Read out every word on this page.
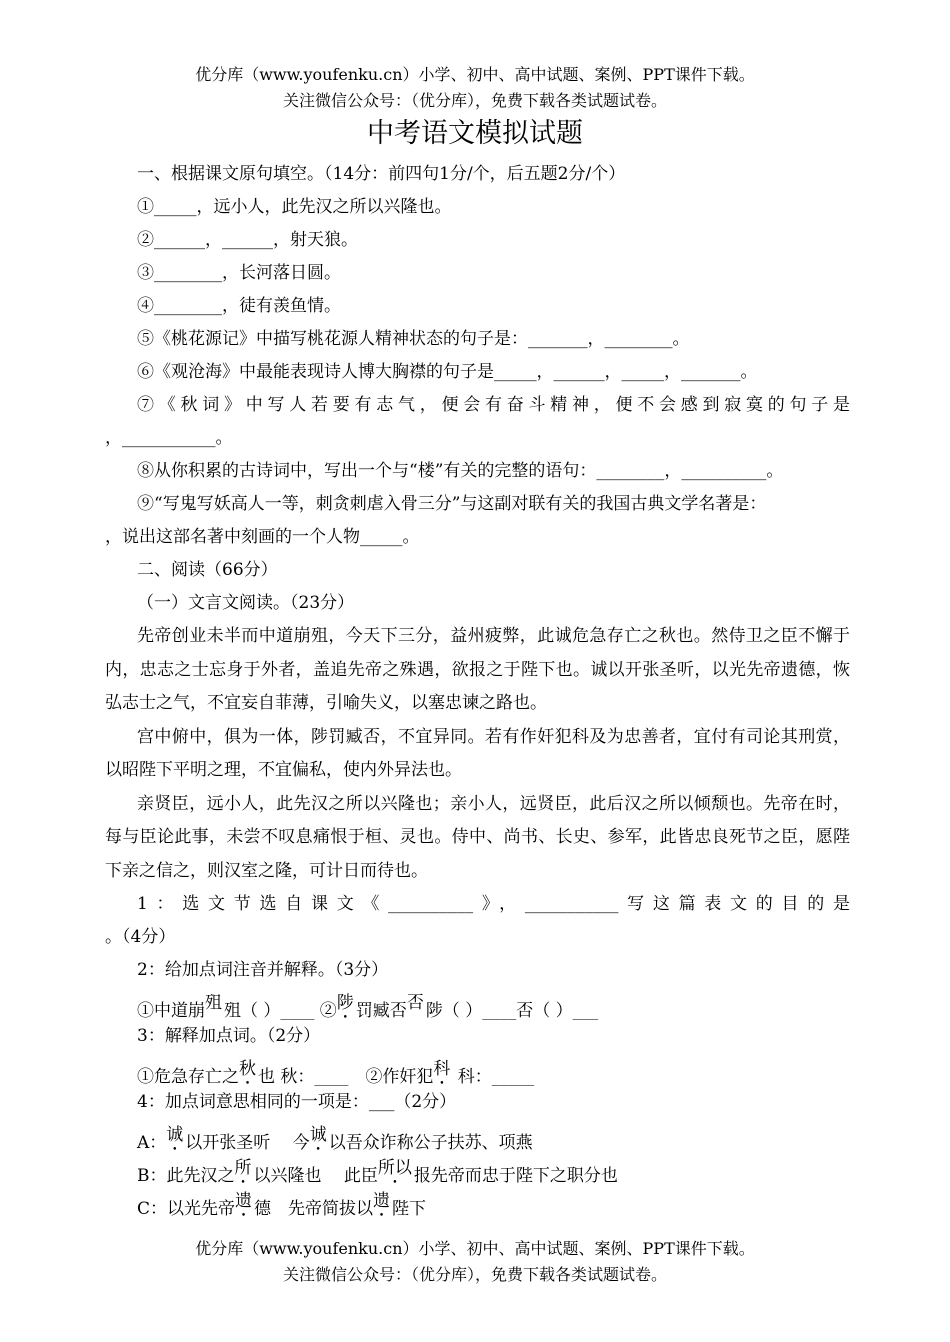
优分库（www.youfenku.cn）小学、初中、高中试题、案例、PPT课件下载。
关注微信公众号：（优分库），免费下载各类试题试卷。
中考语文模拟试题
一、根据课文原句填空。（14分：前四句1分/个，后五题2分/个）
①_____，远小人，此先汉之所以兴隆也。
②______，______，射天狼。
③________，长河落日圆。
④________，徒有羡鱼情。
⑤《桃花源记》中描写桃花源人精神状态的句子是：_______，________。
⑥《观沧海》中最能表现诗人博大胸襟的句子是_____，______，_____，_______。
⑦《秋词》中写人若要有志气，便会有奋斗精神，便不会感到寂寞的句子是
，___________。
⑧从你积累的古诗词中，写出一个与“楼”有关的完整的语句：________，__________。
⑨“写鬼写妖高人一等，刺贪刺虐入骨三分”与这副对联有关的我国古典文学名著是：
，说出这部名著中刻画的一个人物_____。
二、阅读（66分）
（一）文言文阅读。（23分）

先帝创业未半而中道崩殂，今天下三分，益州疲弊，此诚危急存亡之秋也。然侍卫之臣不懈于内，忠志之士忘身于外者，盖追先帝之殊遇，欲报之于陛下也。诚以开张圣听，以光先帝遗德，恢弘志士之气，不宜妄自菲薄，引喻失义，以塞忠谏之路也。

宫中俯中，俱为一体，陟罚臧否，不宜异同。若有作奸犯科及为忠善者，宜付有司论其刑赏，以昭陛下平明之理，不宜偏私，使内外异法也。

亲贤臣，远小人，此先汉之所以兴隆也；亲小人，远贤臣，此后汉之所以倾颓也。先帝在时，每与臣论此事，未尝不叹息痛恨于桓、灵也。侍中、尚书、长史、参军，此皆忠良死节之臣，愿陛下亲之信之，则汉室之隆，可计日而待也。

1：选文节选自课文《__________》，___________写这篇表文的目的是
。（4分）
2：给加点词注音并解释。（3分）
①中道崩殂 殂（ ）____ ②陟 罚臧否否 陟（ ）____否（ ）___
3：解释加点词。（2分）
①危急存亡之秋 也 秋：____　②作奸犯科 科：_____
4：加点词意思相同的一项是：___（2分）
A：诚 以开张圣听　 今诚 以吾众诈称公子扶苏、项燕
B：此先汉之所 以兴隆也　 此臣所以 报先帝而忠于陛下之职分也
C：以光先帝遗 德　先帝简拔以遗 陛下
优分库（www.youfenku.cn）小学、初中、高中试题、案例、PPT课件下载。
关注微信公众号：（优分库），免费下载各类试题试卷。
